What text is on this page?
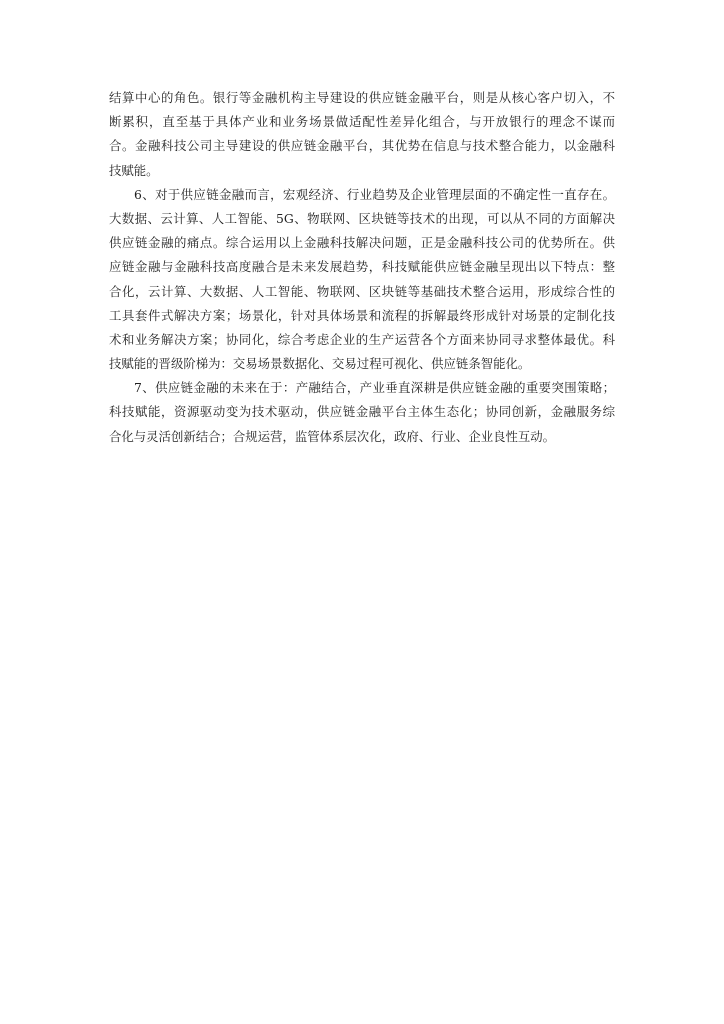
结算中心的角色。银行等金融机构主导建设的供应链金融平台，则是从核心客户切入，不
断累积，直至基于具体产业和业务场景做适配性差异化组合，与开放银行的理念不谋而
合。金融科技公司主导建设的供应链金融平台，其优势在信息与技术整合能力，以金融科
技赋能。
6、对于供应链金融而言，宏观经济、行业趋势及企业管理层面的不确定性一直存在。
大数据、云计算、人工智能、5G、物联网、区块链等技术的出现，可以从不同的方面解决
供应链金融的痛点。综合运用以上金融科技解决问题，正是金融科技公司的优势所在。供
应链金融与金融科技高度融合是未来发展趋势，科技赋能供应链金融呈现出以下特点：整
合化，云计算、大数据、人工智能、物联网、区块链等基础技术整合运用，形成综合性的
工具套件式解决方案；场景化，针对具体场景和流程的拆解最终形成针对场景的定制化技
术和业务解决方案；协同化，综合考虑企业的生产运营各个方面来协同寻求整体最优。科
技赋能的晋级阶梯为：交易场景数据化、交易过程可视化、供应链条智能化。
7、供应链金融的未来在于：产融结合，产业垂直深耕是供应链金融的重要突围策略；
科技赋能，资源驱动变为技术驱动，供应链金融平台主体生态化；协同创新，金融服务综
合化与灵活创新结合；合规运营，监管体系层次化，政府、行业、企业良性互动。
